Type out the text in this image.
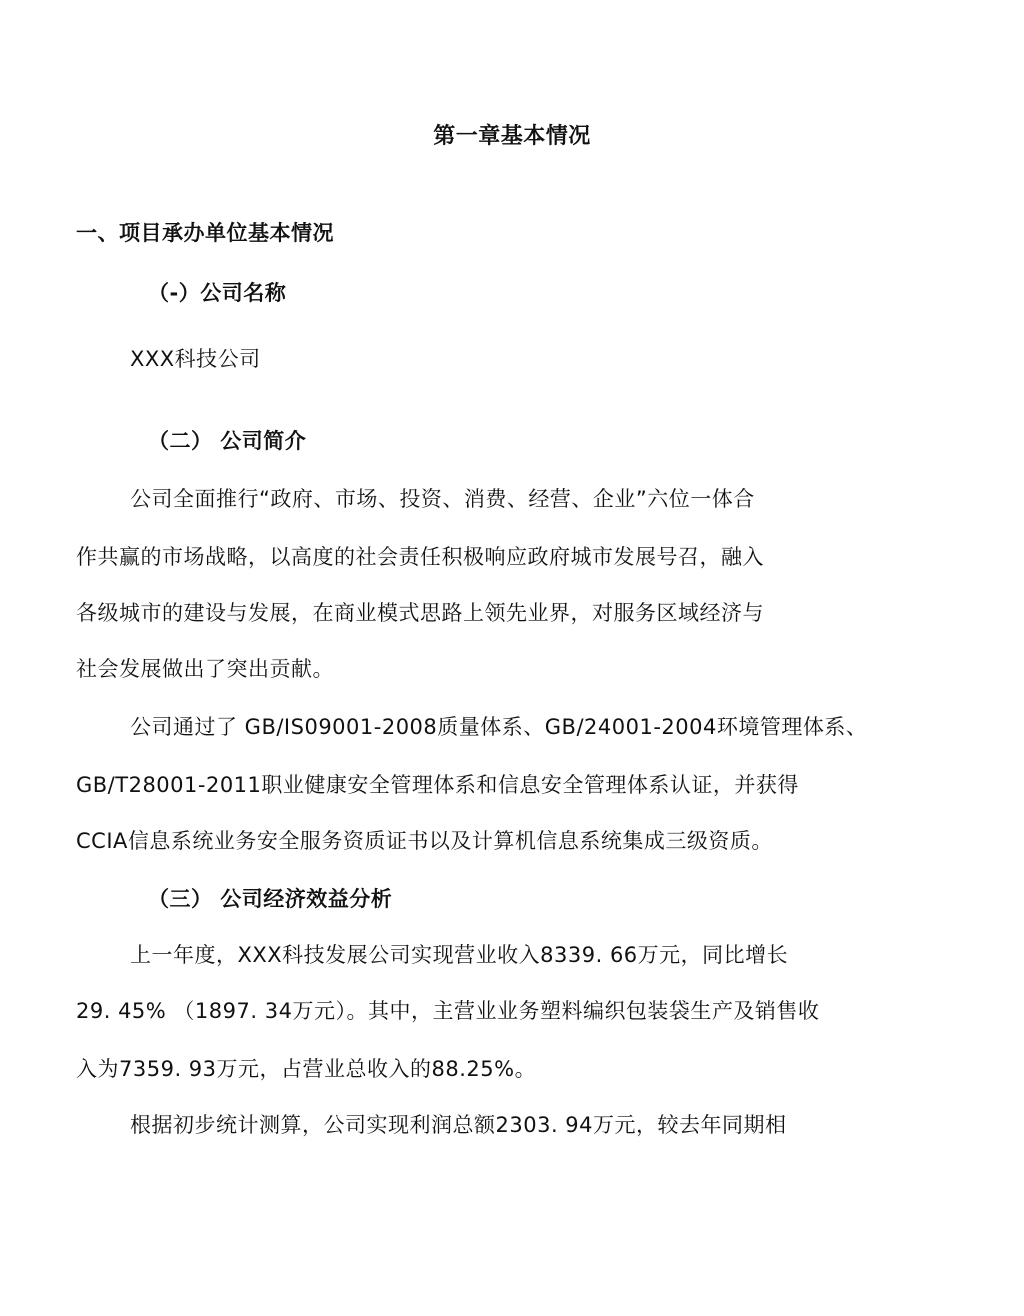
第一章基本情况
一、项目承办单位基本情况
（-）公司名称
XXX科技公司
（二） 公司简介
公司全面推行“政府、市场、投资、消费、经营、企业”六位一体合
作共赢的市场战略，以高度的社会责任积极响应政府城市发展号召，融入
各级城市的建设与发展，在商业模式思路上领先业界，对服务区域经济与
社会发展做出了突出贡献。
公司通过了 GB/IS09001-2008质量体系、GB/24001-2004环境管理体系、
GB/T28001-2011职业健康安全管理体系和信息安全管理体系认证，并获得
CCIA信息系统业务安全服务资质证书以及计算机信息系统集成三级资质。
（三） 公司经济效益分析
上一年度，XXX科技发展公司实现营业收入8339. 66万元，同比增长
29. 45% （1897. 34万元）。其中，主营业业务塑料编织包装袋生产及销售收
入为7359. 93万元，占营业总收入的88.25%。
根据初步统计测算，公司实现利润总额2303. 94万元，较去年同期相
